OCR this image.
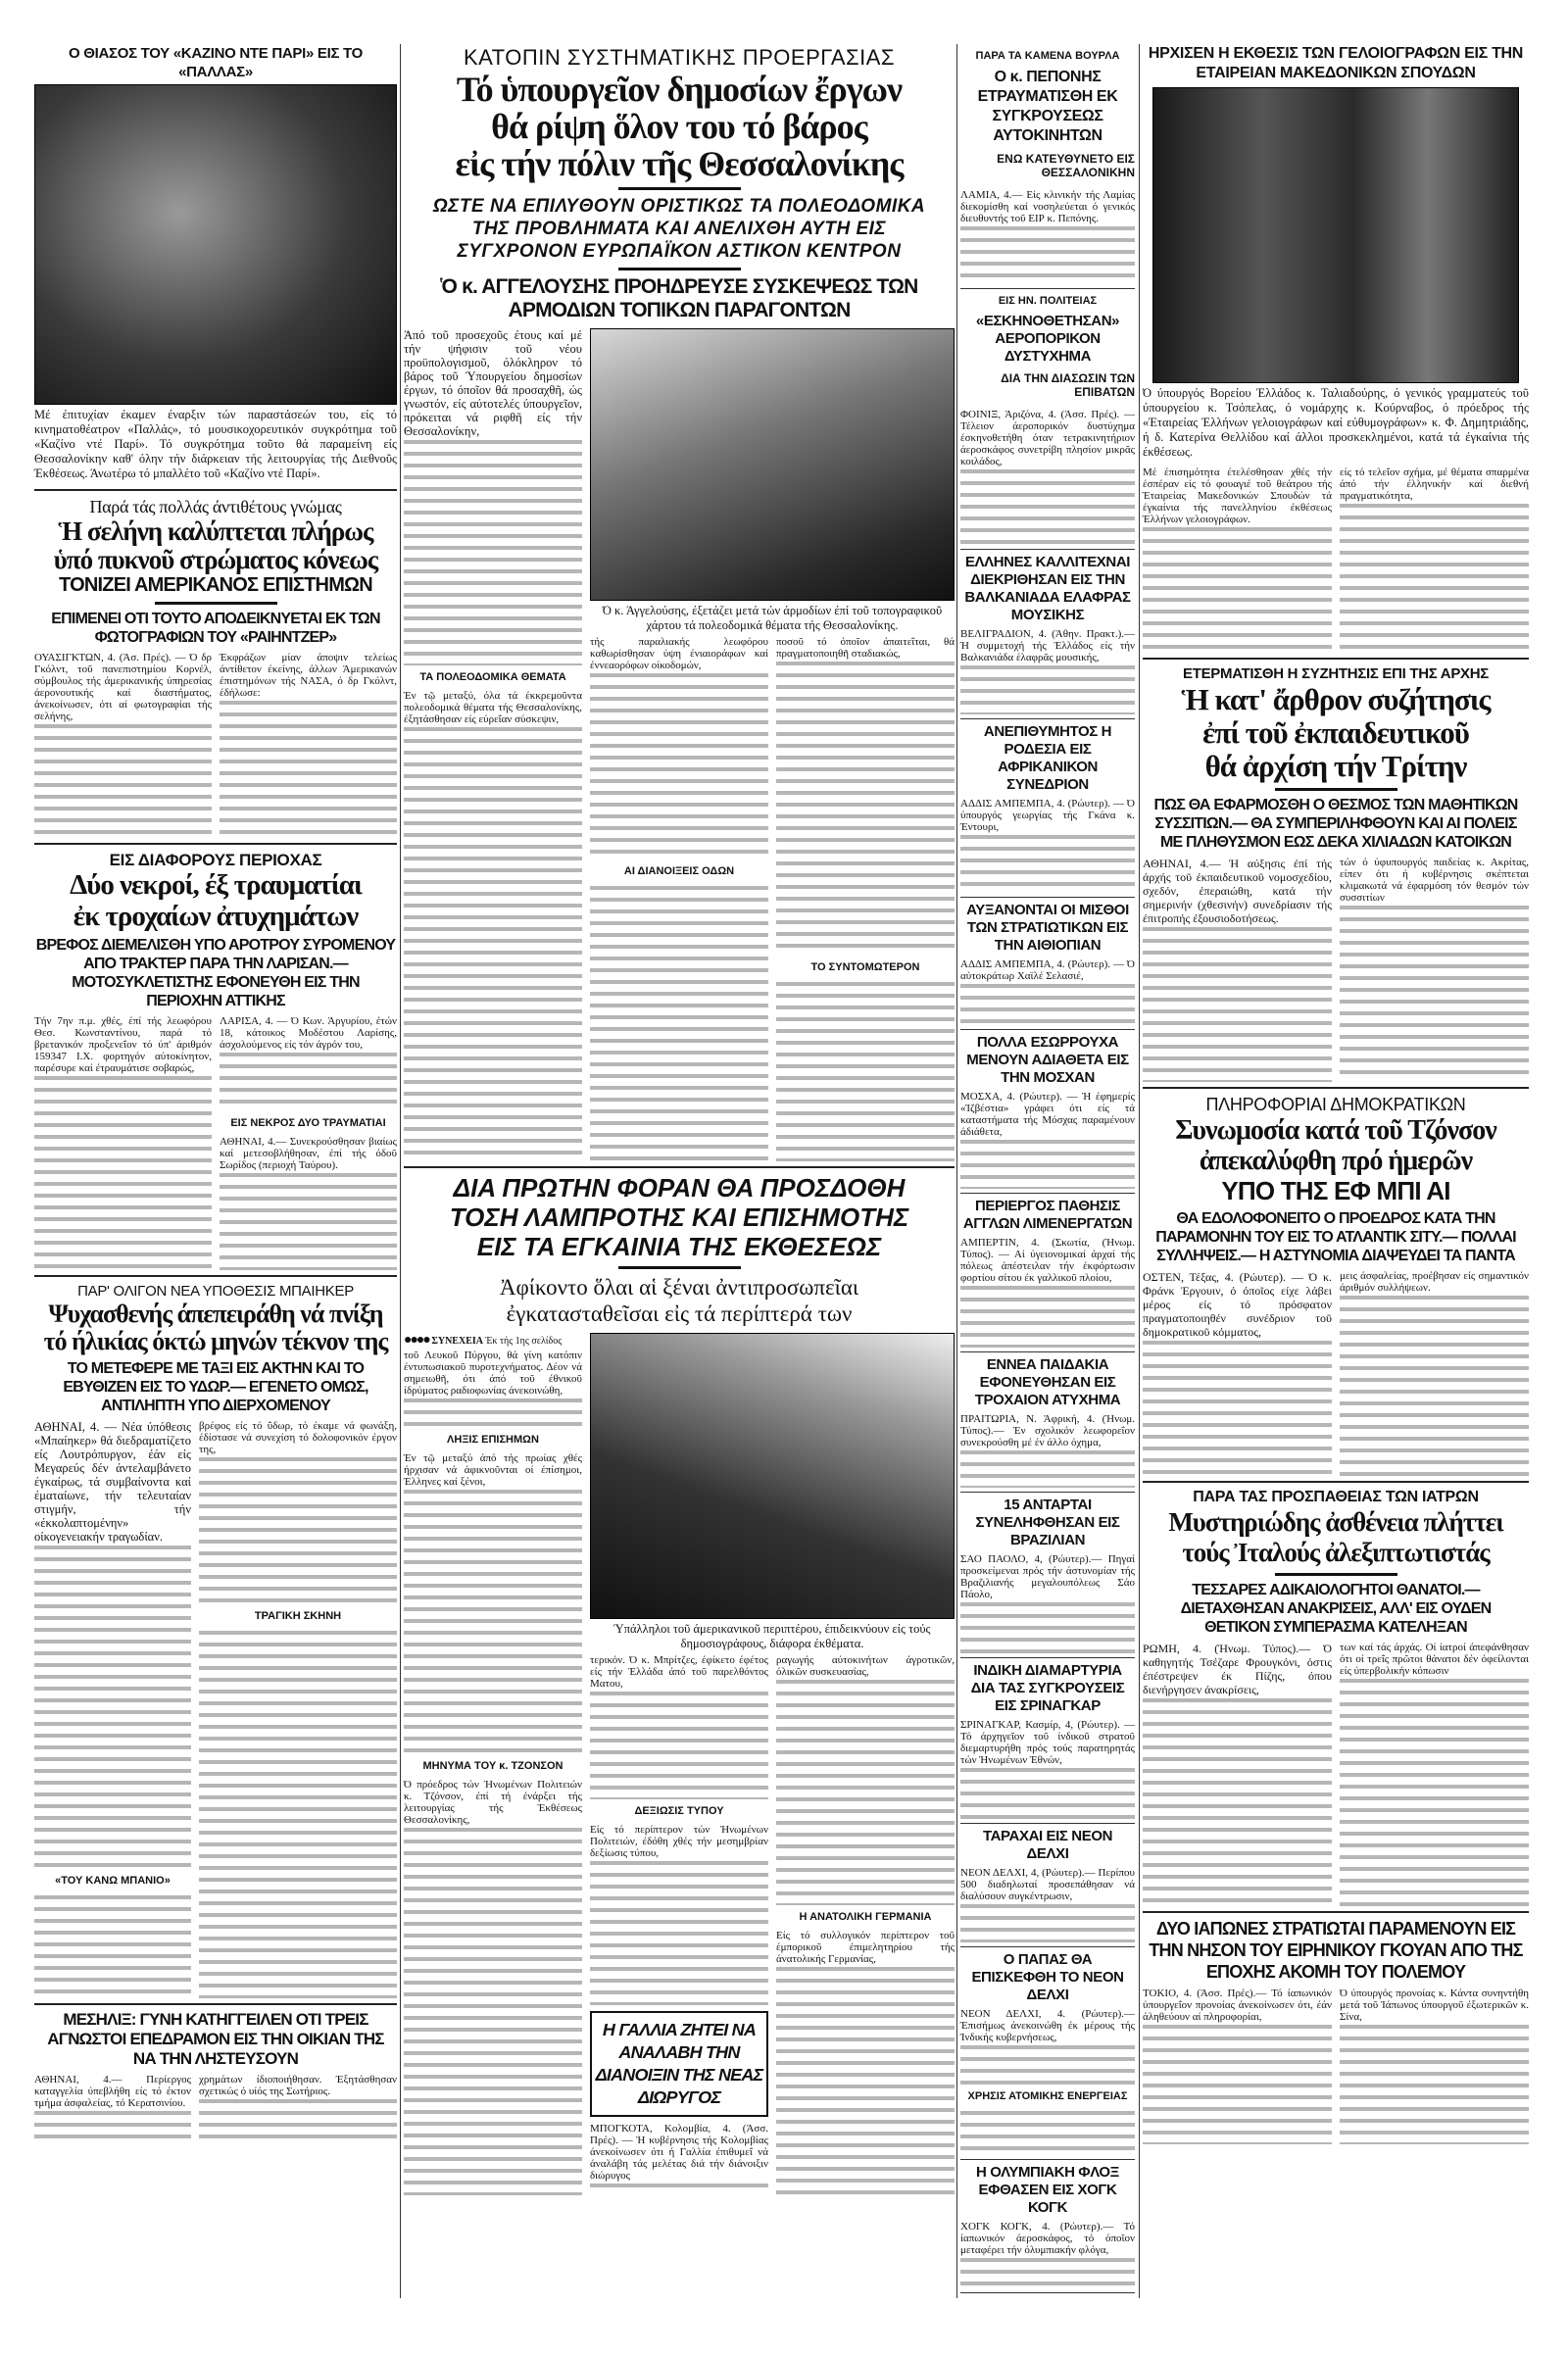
Ο ΘΙΑΣΟΣ ΤΟΥ «ΚΑΖΙΝΟ ΝΤΕ ΠΑΡΙ» ΕΙΣ ΤΟ «ΠΑΛΛΑΣ»
Μέ έπιτυχίαν έκαμεν έναρξιν τών παραστάσεών του, είς τό κινηματοθέατρον «Παλλάς», τό μουσικοχορευτικόν συγκρότημα τοῦ «Καζίνο ντέ Παρί». Τό συγκρότημα τοῦτο θά παραμείνη είς Θεσσαλονίκην καθ' όλην τήν διάρκειαν τής λειτουργίας τής Διεθνοῦς Έκθέσεως. Άνωτέρω τό μπαλλέτο τοῦ «Καζίνο ντέ Παρί».
Παρά τάς πολλάς άντιθέτους γνώμας
Ἡ σελήνη καλύπτεται πλήρως
ὑπό πυκνοῦ στρώματος κόνεως
ΤΟΝΙΖΕΙ ΑΜΕΡΙΚΑΝΟΣ ΕΠΙΣΤΗΜΩΝ
ΕΠΙΜΕΝΕΙ ΟΤΙ ΤΟΥΤΟ ΑΠΟΔΕΙΚΝΥΕΤΑΙ ΕΚ ΤΩΝ ΦΩΤΟΓΡΑΦΙΩΝ ΤΟΥ «ΡΑΙΗΝΤΖΕΡ»
ΟΥΑΣΙΓΚΤΩΝ, 4. (Άσ. Πρές). — Ό δρ Γκόλντ, τοῦ πανεπιστημίου Κορνέλ, σύμβουλος τής άμερικανικής ύπηρεσίας άερονουτικής καί διαστήματος, άνεκοίνωσεν, ότι αί φωτογραφίαι τής σελήνης,
Έκφράζων μίαν άποψιν τελείως άντίθετον έκείνης, άλλων Άμερικανών έπιστημόνων τής ΝΑΣΑ, ό δρ Γκόλντ, έδήλωσε:
ΕΙΣ ΔΙΑΦΟΡΟΥΣ ΠΕΡΙΟΧΑΣ
Δύο νεκροί, έξ τραυματίαι
ἐκ τροχαίων ἀτυχημάτων
ΒΡΕΦΟΣ ΔΙΕΜΕΛΙΣΘΗ ΥΠΟ ΑΡΟΤΡΟΥ ΣΥΡΟΜΕΝΟΥ ΑΠΟ ΤΡΑΚΤΕΡ ΠΑΡΑ ΤΗΝ ΛΑΡΙΣΑΝ.— ΜΟΤΟΣΥΚΛΕΤΙΣΤΗΣ ΕΦΟΝΕΥΘΗ ΕΙΣ ΤΗΝ ΠΕΡΙΟΧΗΝ ΑΤΤΙΚΗΣ
Τήν 7ην π.μ. χθές, έπί τής λεωφόρου Θεσ. Κωνσταντίνου, παρά τό βρετανικόν προξενεΐον τό ύπ' άριθμόν 159347 Ι.Χ. φορτηγόν αύτοκίνητον, παρέσυρε καί έτραυμάτισε σοβαρώς,
ΛΑΡΙΣΑ, 4. — Ό Κων. Άργυρίου, έτών 18, κάτοικος Μοδέστου Λαρίσης, άσχολούμενος είς τόν άγρόν του,
ΕΙΣ ΝΕΚΡΟΣ ΔΥΟ ΤΡΑΥΜΑΤΙΑΙ
ΑΘΗΝΑΙ, 4.— Συνεκρούσθησαν βιαίως καί μετεσοβλήθησαν, έπί τής όδοῦ Σωρίδος (περιοχή Ταύρου).
ΠΑΡ' ΟΛΙΓΟΝ ΝΕΑ ΥΠΟΘΕΣΙΣ ΜΠΑΙΗΚΕΡ
Ψυχασθενής άπεπειράθη νά πνίξη
τό ήλικίας όκτώ μηνών τέκνον της
ΤΟ ΜΕΤΕΦΕΡΕ ΜΕ ΤΑΞΙ ΕΙΣ ΑΚΤΗΝ ΚΑΙ ΤΟ ΕΒΥΘΙΖΕΝ ΕΙΣ ΤΟ ΥΔΩΡ.— ΕΓΕΝΕΤΟ ΟΜΩΣ, ΑΝΤΙΛΗΠΤΗ ΥΠΟ ΔΙΕΡΧΟΜΕΝΟΥ
ΑΘΗΝΑΙ, 4. — Νέα ύπόθεσις «Μπαίηκερ» θά διεδραματίζετο είς Λουτρόπυργον, έάν είς Μεγαρεύς δέν άντελαμβάνετο έγκαίρως, τά συμβαίνοντα καί έματαίωνε, τήν τελευταίαν στιγμήν, τήν «έκκολαπτομένην» οίκογενειακήν τραγωδίαν.
«ΤΟΥ ΚΑΝΩ ΜΠΑΝΙΟ»
βρέφος είς τό ΰδωρ, τό έκαμε νά φωνάξη, έδίστασε νά συνεχίση τό δολοφονικόν έργον της,
ΤΡΑΓΙΚΗ ΣΚΗΝΗ
ΜΕΣΗΛΙΞ: ΓΥΝΗ ΚΑΤΗΓΓΕΙΛΕΝ ΟΤΙ ΤΡΕΙΣ ΑΓΝΩΣΤΟΙ ΕΠΕΔΡΑΜΟΝ ΕΙΣ ΤΗΝ ΟΙΚΙΑΝ ΤΗΣ ΝΑ ΤΗΝ ΛΗΣΤΕΥΣΟΥΝ
ΑΘΗΝΑΙ, 4.— Περίεργος καταγγελία ύπεβλήθη είς τό έκτον τμήμα άσφαλείας, τό Κερατσινίου.
χρημάτων ίδιοποιήθησαν. Έξητάσθησαν σχετικώς ό υίός της Σωτήριος.
ΚΑΤΟΠΙΝ ΣΥΣΤΗΜΑΤΙΚΗΣ ΠΡΟΕΡΓΑΣΙΑΣ
Τό ὑπουργεῖον δημοσίων ἔργων
θά ρίψη ὅλον του τό βάρος
εἰς τήν πόλιν τῆς Θεσσαλονίκης
ΩΣΤΕ ΝΑ ΕΠΙΛΥΘΟΥΝ ΟΡΙΣΤΙΚΩΣ ΤΑ ΠΟΛΕΟΔΟΜΙΚΑ ΤΗΣ ΠΡΟΒΛΗΜΑΤΑ ΚΑΙ ΑΝΕΛΙΧΘΗ ΑΥΤΗ ΕΙΣ ΣΥΓΧΡΟΝΟΝ ΕΥΡΩΠΑΪΚΟΝ ΑΣΤΙΚΟΝ ΚΕΝΤΡΟΝ
Ὁ κ. ΑΓΓΕΛΟΥΣΗΣ ΠΡΟΗΔΡΕΥΣΕ ΣΥΣΚΕΨΕΩΣ ΤΩΝ ΑΡΜΟΔΙΩΝ ΤΟΠΙΚΩΝ ΠΑΡΑΓΟΝΤΩΝ
Άπό τοῦ προσεχοῦς έτους καί μέ τήν ψήφισιν τοῦ νέου προϋπολογισμοῦ, όλόκληρον τό βάρος τοῦ Ύπουργείου δημοσίων έργων, τό όποῖον θά προσαχθῆ, ώς γνωστόν, είς αύτοτελές ύπουργεῖον, πρόκειται νά ριφθῆ είς τήν Θεσσαλονίκην,
ΤΑ ΠΟΛΕΟΔΟΜΙΚΑ ΘΕΜΑΤΑ
Έν τῷ μεταξύ, όλα τά έκκρεμοῦντα πολεοδομικά θέματα τής Θεσσαλονίκης, έξητάσθησαν είς εύρεΐαν σύσκεψιν,
Ό κ. Άγγελούσης, έξετάζει μετά τών άρμοδίων έπί τοῦ τοπογραφικοῦ χάρτου τά πολεοδομικά θέματα τής Θεσσαλονίκης.
τής παραλιακής λεωφόρου καθωρίσθησαν ύψη ένιαιοράφων καί έννεαορόφων οίκοδομών,
ΑΙ ΔΙΑΝΟΙΞΕΙΣ ΟΔΩΝ
ποσοῦ τό όποῖον άπαιτεΐται, θά πραγματοποιηθῆ σταδιακώς,
ΤΟ ΣΥΝΤΟΜΩΤΕΡΟΝ
ΔΙΑ ΠΡΩΤΗΝ ΦΟΡΑΝ ΘΑ ΠΡΟΣΔΟΘΗ
ΤΟΣΗ ΛΑΜΠΡΟΤΗΣ ΚΑΙ ΕΠΙΣΗΜΟΤΗΣ
ΕΙΣ ΤΑ ΕΓΚΑΙΝΙΑ ΤΗΣ ΕΚΘΕΣΕΩΣ
Ἀφίκοντο ὅλαι αἱ ξέναι ἀντιπροσωπεῖαι
ἐγκατασταθεῖσαι εἰς τά περίπτερά των
●●●● ΣΥΝΕΧΕΙΑ Έκ τής 1ης σελίδος
τοῦ Λευκοῦ Πύργου, θά γίνη κατόπιν έντυπωσιακοῦ πυροτεχνήματος. Δέον νά σημειωθῆ, ότι άπό τοῦ έθνικοῦ ίδρύματος ραδιοφωνίας άνεκοινώθη,
ΛΗΞΙΣ ΕΠΙΣΗΜΩΝ
Έν τῷ μεταξύ άπό τής πρωίας χθές ήρχισαν νά άφικνοῦνται οί έπίσημοι, Έλληνες καί ξένοι,
ΜΗΝΥΜΑ ΤΟΥ κ. ΤΖΟΝΣΟΝ
Ό πρόεδρος τών Ήνωμένων Πολιτειών κ. Τζόνσον, έπί τή ένάρξει τής λειτουργίας τής Έκθέσεως Θεσσαλονίκης,
Ύπάλληλοι τοῦ άμερικανικοῦ περιπτέρου, έπιδεικνύουν είς τούς δημοσιογράφους, διάφορα έκθέματα.
τερικόν. Ό κ. Μπρίτζες, έφίκετο έφέτος είς τήν Έλλάδα άπό τοῦ παρελθόντος Ματου,
ΔΕΞΙΩΣΙΣ ΤΥΠΟΥ
Είς τό περίπτερον τών Ήνωμένων Πολιτειών, έδόθη χθές τήν μεσημβρίαν δεξίωσις τύπου,
Η ΓΑΛΛΙΑ ΖΗΤΕΙ ΝΑ ΑΝΑΛΑΒΗ ΤΗΝ ΔΙΑΝΟΙΞΙΝ ΤΗΣ ΝΕΑΣ ΔΙΩΡΥΓΟΣ
ΜΠΟΓΚΟΤΑ, Κολομβία, 4. (Άσσ. Πρές). — Ή κυβέρνησις τής Κολομβίας άνεκοίνωσεν ότι ή Γαλλία έπιθυμεΐ νά άναλάβη τάς μελέτας διά τήν διάνοιξιν διώρυγος
ραγωγής αύτοκινήτων άγροτικῶν, όλικῶν συσκευασίας,
Η ΑΝΑΤΟΛΙΚΗ ΓΕΡΜΑΝΙΑ
Είς τό συλλογικόν περίπτερον τοῦ έμπορικοῦ έπιμελητηρίου τής άνατολικής Γερμανίας,
ΠΑΡΑ ΤΑ ΚΑΜΕΝΑ ΒΟΥΡΛΑ
Ο κ. ΠΕΠΟΝΗΣ ΕΤΡΑΥΜΑΤΙΣΘΗ ΕΚ ΣΥΓΚΡΟΥΣΕΩΣ ΑΥΤΟΚΙΝΗΤΩΝ
ΕΝΩ ΚΑΤΕΥΘΥΝΕΤΟ ΕΙΣ ΘΕΣΣΑΛΟΝΙΚΗΝ
ΛΑΜΙΑ, 4.— Είς κλινικήν τής Λαμίας διεκομίσθη καί νοσηλεύεται ό γενικός διευθυντής τοῦ ΕΙΡ κ. Πεπόνης.
ΕΙΣ ΗΝ. ΠΟΛΙΤΕΙΑΣ
«ΕΣΚΗΝΟΘΕΤΗΣΑΝ» ΑΕΡΟΠΟΡΙΚΟΝ ΔΥΣΤΥΧΗΜΑ
ΔΙΑ ΤΗΝ ΔΙΑΣΩΣΙΝ ΤΩΝ ΕΠΙΒΑΤΩΝ
ΦΟΙΝΙΞ, Άριζόνα, 4. (Άσσ. Πρές). — Τέλειον άεροπορικόν δυστύχημα έσκηνοθετήθη όταν τετρακινητήριον άεροσκάφος συνετρίβη πλησίον μικρᾶς κοιλάδος,
ΕΛΛΗΝΕΣ ΚΑΛΛΙΤΕΧΝΑΙ ΔΙΕΚΡΙΘΗΣΑΝ ΕΙΣ ΤΗΝ ΒΑΛΚΑΝΙΑΔΑ ΕΛΑΦΡΑΣ ΜΟΥΣΙΚΗΣ
ΒΕΛΙΓΡΑΔΙΟΝ, 4. (Άθην. Πρακτ.).— Ή συμμετοχή τής Έλλάδος είς τήν Βαλκανιάδα έλαφρᾶς μουσικής,
ΑΝΕΠΙΘΥΜΗΤΟΣ Η ΡΟΔΕΣΙΑ ΕΙΣ ΑΦΡΙΚΑΝΙΚΟΝ ΣΥΝΕΔΡΙΟΝ
ΑΔΔΙΣ ΑΜΠΕΜΠΑ, 4. (Ρώυτερ). — Ό ύπουργός γεωργίας τής Γκάνα κ. Έντουρι,
ΑΥΞΑΝΟΝΤΑΙ ΟΙ ΜΙΣΘΟΙ ΤΩΝ ΣΤΡΑΤΙΩΤΙΚΩΝ ΕΙΣ ΤΗΝ ΑΙΘΙΟΠΙΑΝ
ΑΔΔΙΣ ΑΜΠΕΜΠΑ, 4. (Ρώυτερ). — Ό αύτοκράτωρ Χαϊλέ Σελασιέ,
ΠΟΛΛΑ ΕΣΩΡΡΟΥΧΑ ΜΕΝΟΥΝ ΑΔΙΑΘΕΤΑ ΕΙΣ ΤΗΝ ΜΟΣΧΑΝ
ΜΟΣΧΑ, 4. (Ρώυτερ). — Ή έφημερίς «Ίζβέστια» γράφει ότι είς τά καταστήματα τής Μόσχας παραμένουν άδιάθετα,
ΠΕΡΙΕΡΓΟΣ ΠΑΘΗΣΙΣ ΑΓΓΛΩΝ ΛΙΜΕΝΕΡΓΑΤΩΝ
ΑΜΠΕΡΤΙΝ, 4. (Σκωτία, (Ήνωμ. Τύπος). — Αί ύγειονομικαί άρχαί τής πόλεως άπέστειλαν τήν έκφόρτωσιν φορτίου σίτου έκ γαλλικοῦ πλοίου,
ΕΝΝΕΑ ΠΑΙΔΑΚΙΑ ΕΦΟΝΕΥΘΗΣΑΝ ΕΙΣ ΤΡΟΧΑΙΟΝ ΑΤΥΧΗΜΑ
ΠΡΑΙΤΩΡΙΑ, Ν. Άφρική, 4. (Ήνωμ. Τύπος).— Έν σχολικόν λεωφορεΐον συνεκρούσθη μέ έν άλλο όχημα,
15 ΑΝΤΑΡΤΑΙ ΣΥΝΕΛΗΦΘΗΣΑΝ ΕΙΣ ΒΡΑΖΙΛΙΑΝ
ΣΑΟ ΠΑΟΛΟ, 4, (Ρώυτερ).— Πηγαί προσκείμεναι πρός τήν άστυνομίαν τής Βραζιλιανής μεγαλουπόλεως Σάο Πάολο,
ΙΝΔΙΚΗ ΔΙΑΜΑΡΤΥΡΙΑ ΔΙΑ ΤΑΣ ΣΥΓΚΡΟΥΣΕΙΣ ΕΙΣ ΣΡΙΝΑΓΚΑΡ
ΣΡΙΝΑΓΚΑΡ, Κασμίρ, 4, (Ρώυτερ). — Τό άρχηγεῖον τοῦ ίνδικοῦ στρατοῦ διεμαρτυρήθη πρός τούς παρατηρητάς τών Ήνωμένων Έθνών,
ΤΑΡΑΧΑΙ ΕΙΣ ΝΕΟΝ ΔΕΛΧΙ
ΝΕΟΝ ΔΕΛΧΙ, 4, (Ρώυτερ).— Περίπου 500 διαδηλωταί προσεπάθησαν νά διαλύσουν συγκέντρωσιν,
Ο ΠΑΠΑΣ ΘΑ ΕΠΙΣΚΕΦΘΗ ΤΟ ΝΕΟΝ ΔΕΛΧΙ
ΝΕΟΝ ΔΕΛΧΙ, 4. (Ρώυτερ).— Έπισήμως άνεκοινώθη έκ μέρους τής Ίνδικής κυβερνήσεως,
ΧΡΗΣΙΣ ΑΤΟΜΙΚΗΣ ΕΝΕΡΓΕΙΑΣ
Η ΟΛΥΜΠΙΑΚΗ ΦΛΟΞ ΕΦΘΑΣΕΝ ΕΙΣ ΧΟΓΚ ΚΟΓΚ
ΧΟΓΚ ΚΟΓΚ, 4. (Ρώυτερ).— Τό ίαπωνικόν άεροσκάφος, τό όποῖον μεταφέρει τήν όλυμπιακήν φλόγα,
ΗΡΧΙΣΕΝ Η ΕΚΘΕΣΙΣ ΤΩΝ ΓΕΛΟΙΟΓΡΑΦΩΝ ΕΙΣ ΤΗΝ ΕΤΑΙΡΕΙΑΝ ΜΑΚΕΔΟΝΙΚΩΝ ΣΠΟΥΔΩΝ
Ό ύπουργός Βορείου Έλλάδος κ. Ταλιαδούρης, ό γενικός γραμματεύς τοῦ ύπουργείου κ. Τσόπελας, ό νομάρχης κ. Κούρναβος, ό πρόεδρος τής «Έταιρείας Έλλήνων γελοιογράφων καί εύθυμογράφων» κ. Φ. Δημητριάδης, ή δ. Κατερίνα Θελλίδου καί άλλοι προσκεκλημένοι, κατά τά έγκαίνια τής έκθέσεως.
Μέ έπισημότητα έτελέσθησαν χθές τήν έσπέραν είς τό φουαγιέ τοῦ θεάτρου τής Έταιρείας Μακεδονικών Σπουδών τά έγκαίνια τής πανελληνίου έκθέσεως Έλλήνων γελοιογράφων.
είς τό τελεΐον σχήμα, μέ θέματα σπαρμένα άπό τήν έλληνικήν καί διεθνή πραγματικότητα,
ΕΤΕΡΜΑΤΙΣΘΗ Η ΣΥΖΗΤΗΣΙΣ ΕΠΙ ΤΗΣ ΑΡΧΗΣ
Ἡ κατ' ἄρθρον συζήτησις
ἐπί τοῦ ἐκπαιδευτικοῦ
θά ἀρχίση τήν Τρίτην
ΠΩΣ ΘΑ ΕΦΑΡΜΟΣΘΗ Ο ΘΕΣΜΟΣ ΤΩΝ ΜΑΘΗΤΙΚΩΝ ΣΥΣΣΙΤΙΩΝ.— ΘΑ ΣΥΜΠΕΡΙΛΗΦΘΟΥΝ ΚΑΙ ΑΙ ΠΟΛΕΙΣ ΜΕ ΠΛΗΘΥΣΜΟΝ ΕΩΣ ΔΕΚΑ ΧΙΛΙΑΔΩΝ ΚΑΤΟΙΚΩΝ
ΑΘΗΝΑΙ, 4.— Ή αύξησις έπί τής άρχής τοῦ έκπαιδευτικοῦ νομοσχεδίου, σχεδόν, έπεραιώθη, κατά τήν σημερινήν (χθεσινήν) συνεδρίασιν τής έπιτροπής έξουσιοδοτήσεως.
τών ό ύφυπουργός παιδείας κ. Ακρίτας, είπεν ότι ή κυβέρνησις σκέπτεται κλιμακωτά νά έφαρμόση τόν θεσμόν τών συσσιτίων
ΠΛΗΡΟΦΟΡΙΑΙ ΔΗΜΟΚΡΑΤΙΚΩΝ
Συνωμοσία κατά τοῦ Τζόνσον
ἀπεκαλύφθη πρό ἡμερῶν
ΥΠΟ ΤΗΣ ΕΦ ΜΠΙ ΑΙ
ΘΑ ΕΔΟΛΟΦΟΝΕΙΤΟ Ο ΠΡΟΕΔΡΟΣ ΚΑΤΑ ΤΗΝ ΠΑΡΑΜΟΝΗΝ ΤΟΥ ΕΙΣ ΤΟ ΑΤΛΑΝΤΙΚ ΣΙΤΥ.— ΠΟΛΛΑΙ ΣΥΛΛΗΨΕΙΣ.— Η ΑΣΤΥΝΟΜΙΑ ΔΙΑΨΕΥΔΕΙ ΤΑ ΠΑΝΤΑ
ΟΣΤΕΝ, Τέξας, 4. (Ρώυτερ). — Ό κ. Φράνκ Έργουιν, ό όποῖος είχε λάβει μέρος είς τό πρόσφατον πραγματοποιηθέν συνέδριον τοῦ δημοκρατικοῦ κόμματος,
μεις άσφαλείας, προέβησαν είς σημαντικόν άριθμόν συλλήψεων.
ΠΑΡΑ ΤΑΣ ΠΡΟΣΠΑΘΕΙΑΣ ΤΩΝ ΙΑΤΡΩΝ
Μυστηριώδης ἀσθένεια πλήττει
τούς Ἰταλούς ἀλεξιπτωτιστάς
ΤΕΣΣΑΡΕΣ ΑΔΙΚΑΙΟΛΟΓΗΤΟΙ ΘΑΝΑΤΟΙ.— ΔΙΕΤΑΧΘΗΣΑΝ ΑΝΑΚΡΙΣΕΙΣ, ΑΛΛ' ΕΙΣ ΟΥΔΕΝ ΘΕΤΙΚΟΝ ΣΥΜΠΕΡΑΣΜΑ ΚΑΤΕΛΗΞΑΝ
ΡΩΜΗ, 4. (Ήνωμ. Τύπος).— Ό καθηγητής Τσέζαρε Φρουγκόνι, όστις έπέστρεψεν έκ Πίζης, όπου διενήργησεν άνακρίσεις,
των καί τάς άρχάς. Οί ίατροί άπεφάνθησαν ότι οί τρεΐς πρῶτοι θάνατοι δέν όφείλονται είς ύπερβολικήν κόπωσιν
ΔΥΟ ΙΑΠΩΝΕΣ ΣΤΡΑΤΙΩΤΑΙ ΠΑΡΑΜΕΝΟΥΝ ΕΙΣ ΤΗΝ ΝΗΣΟΝ ΤΟΥ ΕΙΡΗΝΙΚΟΥ ΓΚΟΥΑΝ ΑΠΟ ΤΗΣ ΕΠΟΧΗΣ ΑΚΟΜΗ ΤΟΥ ΠΟΛΕΜΟΥ
ΤΟΚΙΟ, 4. (Άσσ. Πρές).— Τό ίαπωνικόν ύπουργεΐον προνοίας άνεκοίνωσεν ότι, έάν άληθεύουν αί πληροφορίαι,
Ό ύπουργός προνοίας κ. Κάντα συνηντήθη μετά τοῦ Ίάπωνος ύπουργοῦ έξωτερικῶν κ. Σίνα,
